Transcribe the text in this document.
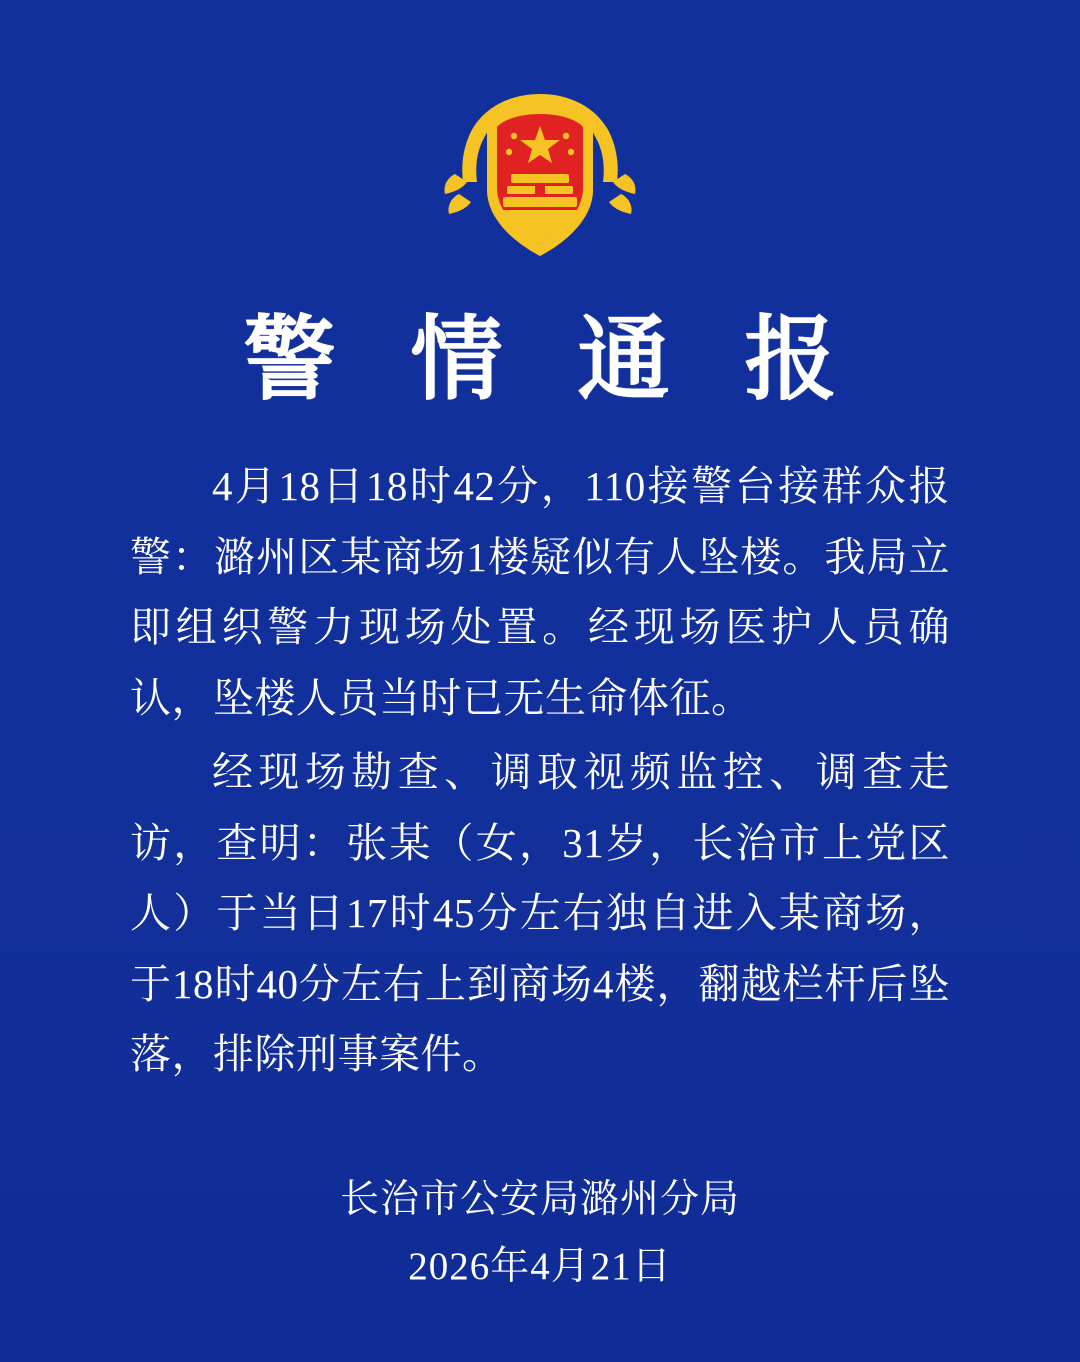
警 情 通 报

4月18日18时42分，110接警台接群众报警：潞州区某商场1楼疑似有人坠楼。我局立即组织警力现场处置。经现场医护人员确认，坠楼人员当时已无生命体征。

经现场勘查、调取视频监控、调查走访，查明：张某（女，31岁，长治市上党区人）于当日17时45分左右独自进入某商场，于18时40分左右上到商场4楼，翻越栏杆后坠落，排除刑事案件。

长治市公安局潞州分局
2026年4月21日
